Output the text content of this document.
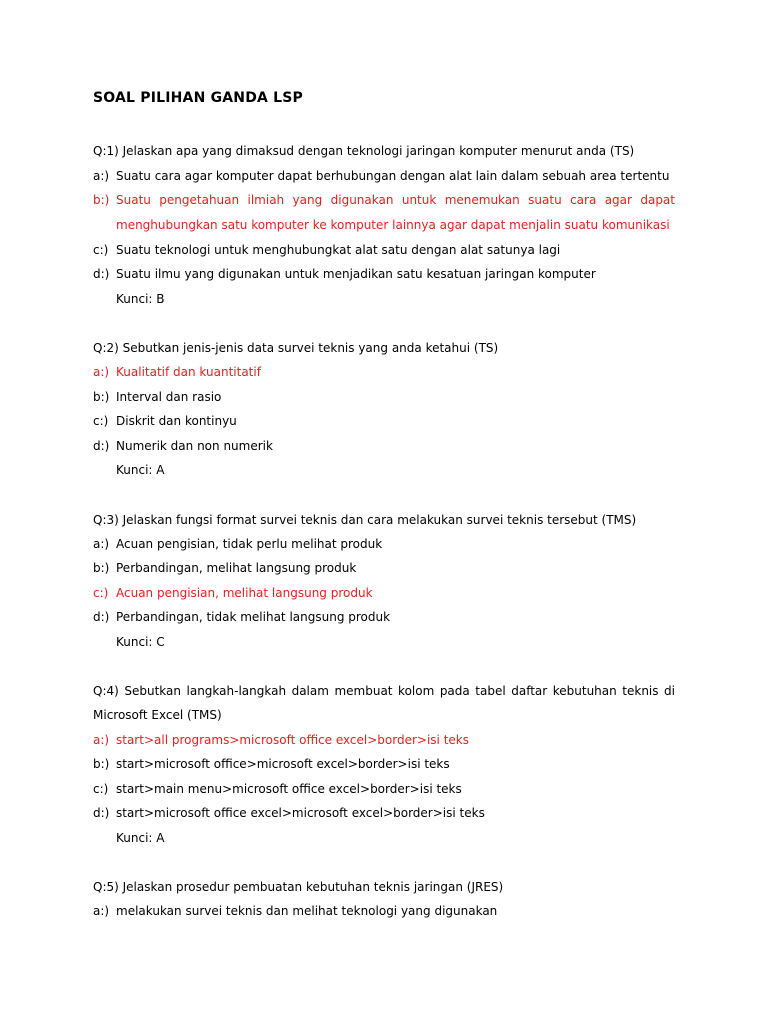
SOAL PILIHAN GANDA LSP
Q:1) Jelaskan apa yang dimaksud dengan teknologi jaringan komputer menurut anda (TS)
a:) Suatu cara agar komputer dapat berhubungan dengan alat lain dalam sebuah area tertentu
b:) Suatu pengetahuan ilmiah yang digunakan untuk menemukan suatu cara agar dapat
menghubungkan satu komputer ke komputer lainnya agar dapat menjalin suatu komunikasi
c:) Suatu teknologi untuk menghubungkat alat satu dengan alat satunya lagi
d:) Suatu ilmu yang digunakan untuk menjadikan satu kesatuan jaringan komputer
Kunci: B
Q:2) Sebutkan jenis-jenis data survei teknis yang anda ketahui (TS)
a:) Kualitatif dan kuantitatif
b:) Interval dan rasio
c:) Diskrit dan kontinyu
d:) Numerik dan non numerik
Kunci: A
Q:3) Jelaskan fungsi format survei teknis dan cara melakukan survei teknis tersebut (TMS)
a:) Acuan pengisian, tidak perlu melihat produk
b:) Perbandingan, melihat langsung produk
c:) Acuan pengisian, melihat langsung produk
d:) Perbandingan, tidak melihat langsung produk
Kunci: C
Q:4) Sebutkan langkah-langkah dalam membuat kolom pada tabel daftar kebutuhan teknis di
Microsoft Excel (TMS)
a:) start>all programs>microsoft office excel>border>isi teks
b:) start>microsoft office>microsoft excel>border>isi teks
c:) start>main menu>microsoft office excel>border>isi teks
d:) start>microsoft office excel>microsoft excel>border>isi teks
Kunci: A
Q:5) Jelaskan prosedur pembuatan kebutuhan teknis jaringan (JRES)
a:) melakukan survei teknis dan melihat teknologi yang digunakan
